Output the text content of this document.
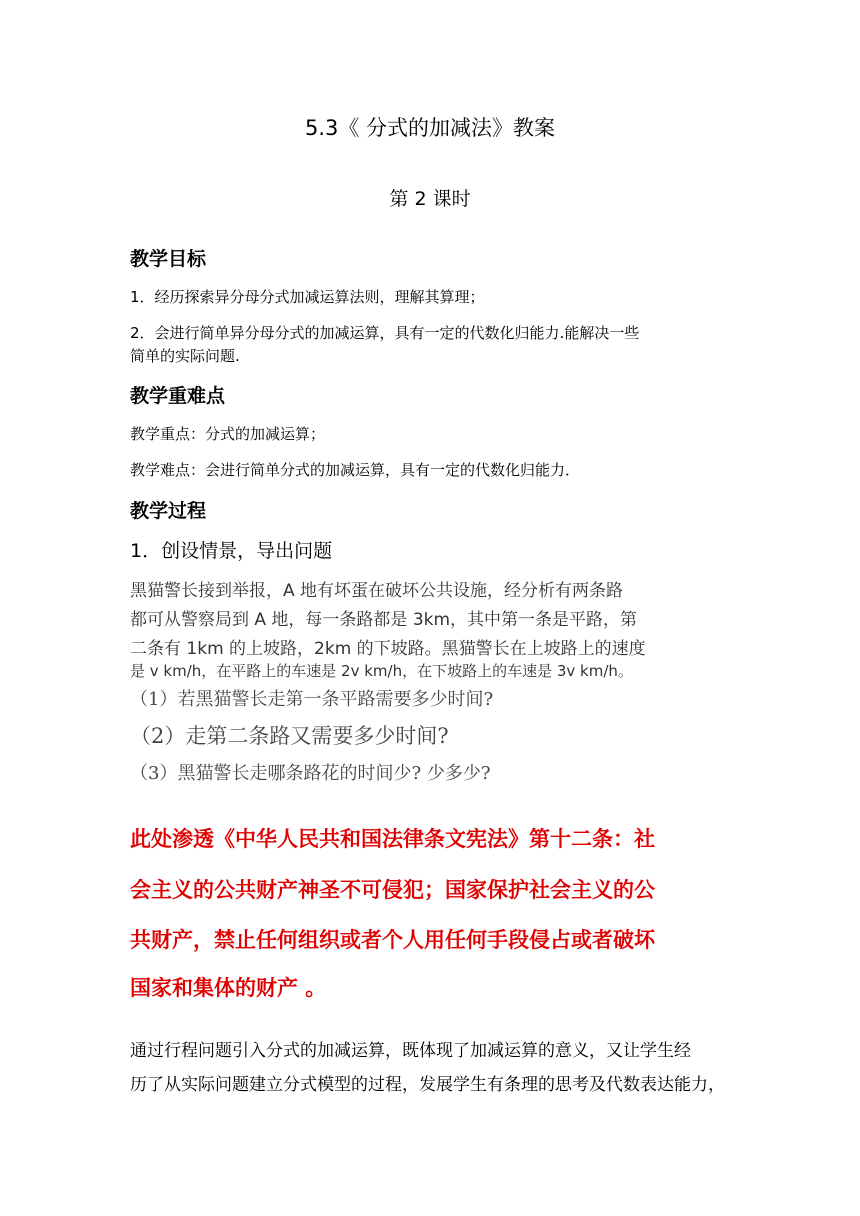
5.3《 分式的加减法》教案
第 2 课时
教学目标
1．经历探索异分母分式加减运算法则，理解其算理；
2．会进行简单异分母分式的加减运算，具有一定的代数化归能力.能解决一些
简单的实际问题.
教学重难点
教学重点：分式的加减运算；
教学难点：会进行简单分式的加减运算，具有一定的代数化归能力．
教学过程
1．创设情景，导出问题
黑猫警长接到举报，A 地有坏蛋在破坏公共设施，经分析有两条路
都可从警察局到 A 地，每一条路都是 3km，其中第一条是平路，第
二条有 1km 的上坡路，2km 的下坡路。黑猫警长在上坡路上的速度
是 v km/h，在平路上的车速是 2v km/h，在下坡路上的车速是 3v km/h。
（1）若黑猫警长走第一条平路需要多少时间?
（2）走第二条路又需要多少时间?
（3）黑猫警长走哪条路花的时间少? 少多少?
此处渗透《中华人民共和国法律条文宪法》第十二条：社
会主义的公共财产神圣不可侵犯；国家保护社会主义的公
共财产，禁止任何组织或者个人用任何手段侵占或者破坏
国家和集体的财产 。
通过行程问题引入分式的加减运算，既体现了加减运算的意义，又让学生经
历了从实际问题建立分式模型的过程，发展学生有条理的思考及代数表达能力，
